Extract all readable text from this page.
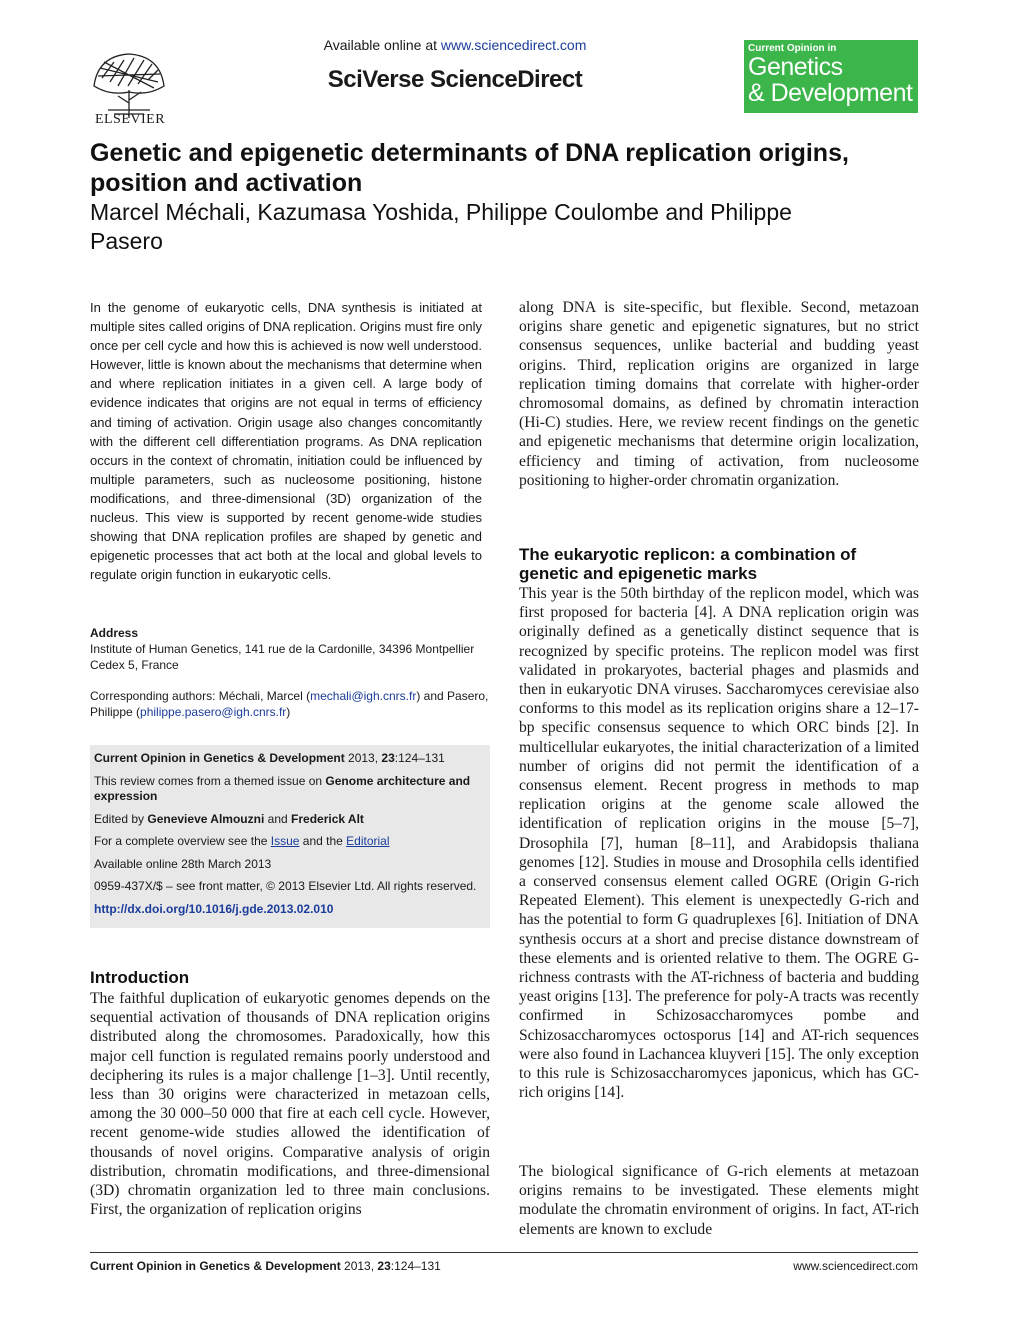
ELSEVIER
Available online at www.sciencedirect.com
SciVerse ScienceDirect
Current Opinion in
Genetics
& Development
Genetic and epigenetic determinants of DNA replication origins, position and activation
Marcel Méchali, Kazumasa Yoshida, Philippe Coulombe and Philippe Pasero
In the genome of eukaryotic cells, DNA synthesis is initiated at multiple sites called origins of DNA replication. Origins must fire only once per cell cycle and how this is achieved is now well understood. However, little is known about the mechanisms that determine when and where replication initiates in a given cell. A large body of evidence indicates that origins are not equal in terms of efficiency and timing of activation. Origin usage also changes concomitantly with the different cell differentiation programs. As DNA replication occurs in the context of chromatin, initiation could be influenced by multiple parameters, such as nucleosome positioning, histone modifications, and three-dimensional (3D) organization of the nucleus. This view is supported by recent genome-wide studies showing that DNA replication profiles are shaped by genetic and epigenetic processes that act both at the local and global levels to regulate origin function in eukaryotic cells.
Address
Institute of Human Genetics, 141 rue de la Cardonille, 34396 Montpellier Cedex 5, France
Corresponding authors: Méchali, Marcel (mechali@igh.cnrs.fr) and Pasero, Philippe (philippe.pasero@igh.cnrs.fr)
Current Opinion in Genetics & Development 2013, 23:124–131
This review comes from a themed issue on Genome architecture and expression
Edited by Genevieve Almouzni and Frederick Alt
For a complete overview see the Issue and the Editorial
Available online 28th March 2013
0959-437X/$ – see front matter, © 2013 Elsevier Ltd. All rights reserved.
http://dx.doi.org/10.1016/j.gde.2013.02.010
Introduction
The faithful duplication of eukaryotic genomes depends on the sequential activation of thousands of DNA replication origins distributed along the chromosomes. Paradoxically, how this major cell function is regulated remains poorly understood and deciphering its rules is a major challenge [1–3]. Until recently, less than 30 origins were characterized in metazoan cells, among the 30 000–50 000 that fire at each cell cycle. However, recent genome-wide studies allowed the identification of thousands of novel origins. Comparative analysis of origin distribution, chromatin modifications, and three-dimensional (3D) chromatin organization led to three main conclusions. First, the organization of replication origins
along DNA is site-specific, but flexible. Second, metazoan origins share genetic and epigenetic signatures, but no strict consensus sequences, unlike bacterial and budding yeast origins. Third, replication origins are organized in large replication timing domains that correlate with higher-order chromosomal domains, as defined by chromatin interaction (Hi-C) studies. Here, we review recent findings on the genetic and epigenetic mechanisms that determine origin localization, efficiency and timing of activation, from nucleosome positioning to higher-order chromatin organization.
The eukaryotic replicon: a combination of genetic and epigenetic marks
This year is the 50th birthday of the replicon model, which was first proposed for bacteria [4]. A DNA replication origin was originally defined as a genetically distinct sequence that is recognized by specific proteins. The replicon model was first validated in prokaryotes, bacterial phages and plasmids and then in eukaryotic DNA viruses. Saccharomyces cerevisiae also conforms to this model as its replication origins share a 12–17-bp specific consensus sequence to which ORC binds [2]. In multicellular eukaryotes, the initial characterization of a limited number of origins did not permit the identification of a consensus element. Recent progress in methods to map replication origins at the genome scale allowed the identification of replication origins in the mouse [5–7], Drosophila [7], human [8–11], and Arabidopsis thaliana genomes [12]. Studies in mouse and Drosophila cells identified a conserved consensus element called OGRE (Origin G-rich Repeated Element). This element is unexpectedly G-rich and has the potential to form G quadruplexes [6]. Initiation of DNA synthesis occurs at a short and precise distance downstream of these elements and is oriented relative to them. The OGRE G-richness contrasts with the AT-richness of bacteria and budding yeast origins [13]. The preference for poly-A tracts was recently confirmed in Schizosaccharomyces pombe and Schizosaccharomyces octosporus [14] and AT-rich sequences were also found in Lachancea kluyveri [15]. The only exception to this rule is Schizosaccharomyces japonicus, which has GC-rich origins [14].
The biological significance of G-rich elements at metazoan origins remains to be investigated. These elements might modulate the chromatin environment of origins. In fact, AT-rich elements are known to exclude
Current Opinion in Genetics & Development 2013, 23:124–131	www.sciencedirect.com
